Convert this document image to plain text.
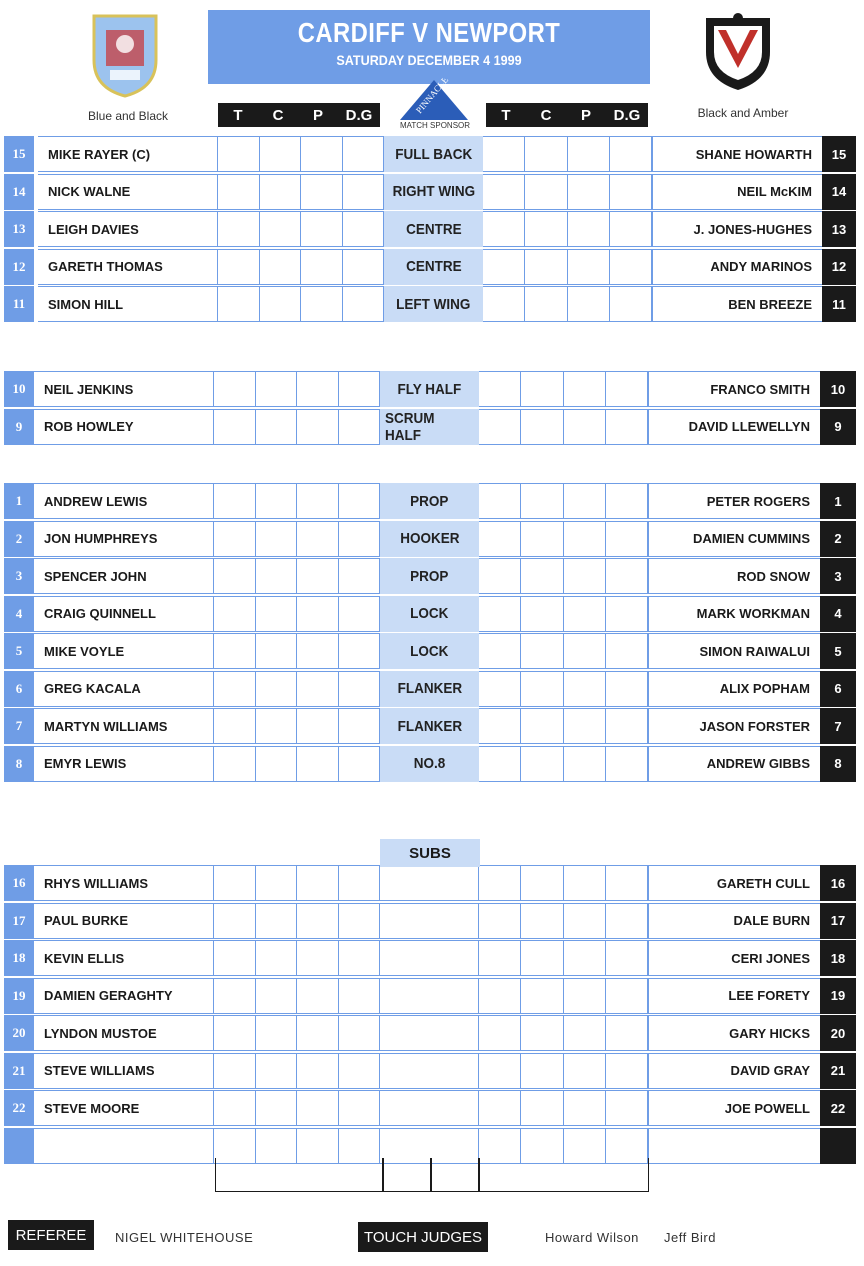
Blue and Black
CARDIFF V NEWPORT
SATURDAY DECEMBER 4 1999
Black and Amber
T	C	P	D.G	PINNACLE
MATCH SPONSOR
T	C	P	D.G
15	MIKE RAYER (C)	FULL BACK	SHANE HOWARTH	15
14	NICK WALNE	RIGHT WING	NEIL McKIM	14
13	LEIGH DAVIES	CENTRE	J. JONES-HUGHES	13
12	GARETH THOMAS	CENTRE	ANDY MARINOS	12
11	SIMON HILL	LEFT WING	BEN BREEZE	11
10	NEIL JENKINS	FLY HALF	FRANCO SMITH	10
9	ROB HOWLEY	SCRUM HALF	DAVID LLEWELLYN	9
1	ANDREW LEWIS	PROP	PETER ROGERS	1
2	JON HUMPHREYS	HOOKER	DAMIEN CUMMINS	2
3	SPENCER JOHN	PROP	ROD SNOW	3
4	CRAIG QUINNELL	LOCK	MARK WORKMAN	4
5	MIKE VOYLE	LOCK	SIMON RAIWALUI	5
6	GREG KACALA	FLANKER	ALIX POPHAM	6
7	MARTYN WILLIAMS	FLANKER	JASON FORSTER	7
8	EMYR LEWIS	NO.8	ANDREW GIBBS	8
16	RHYS WILLIAMS	GARETH CULL	16
17	PAUL BURKE	DALE BURN	17
18	KEVIN ELLIS	CERI JONES	18
19	DAMIEN GERAGHTY	LEE FORETY	19
20	LYNDON MUSTOE	GARY HICKS	20
21	STEVE WILLIAMS	DAVID GRAY	21
22	STEVE MOORE	JOE POWELL	22
SUBS
REFEREE	NIGEL WHITEHOUSE	TOUCH JUDGES	Howard Wilson Jeff Bird
